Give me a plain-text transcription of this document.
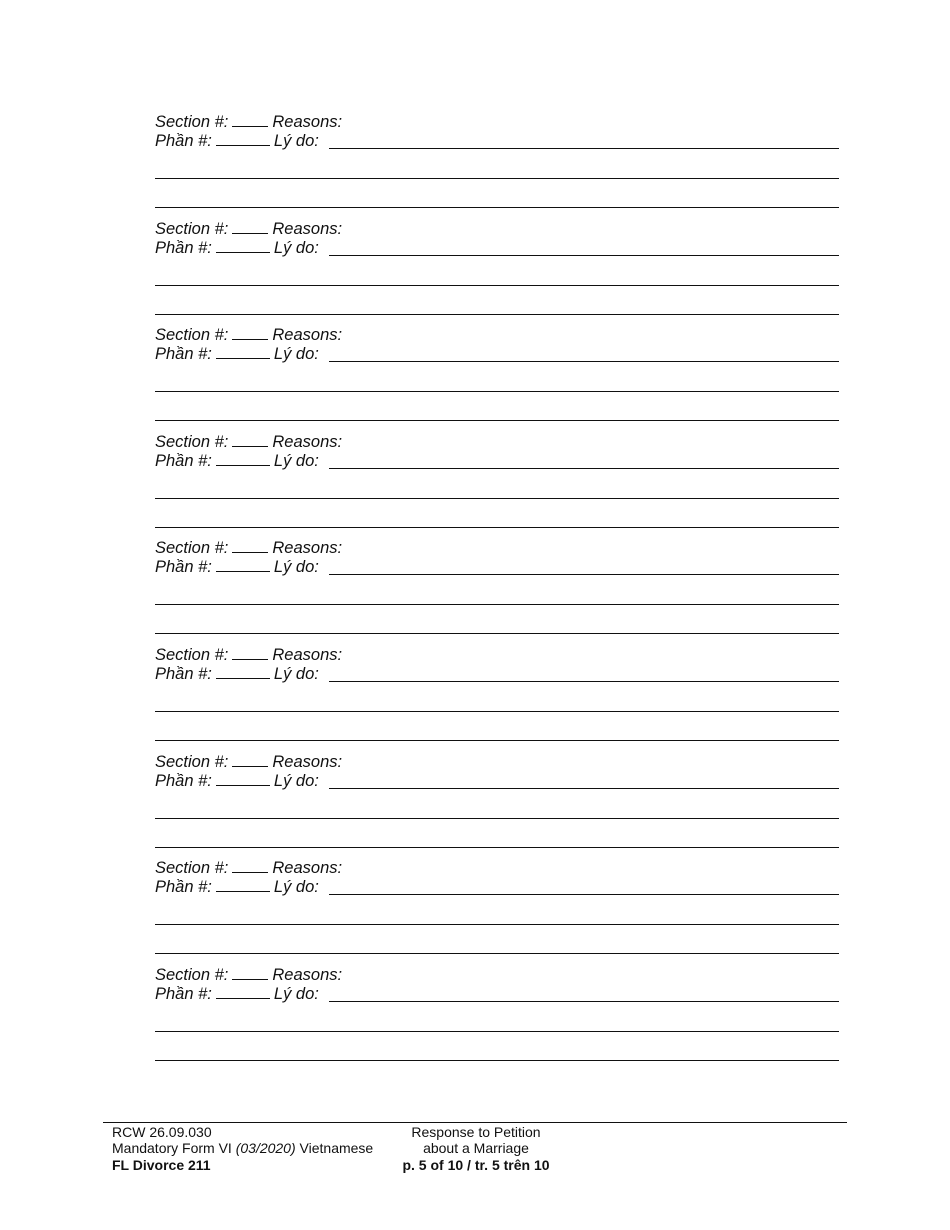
Section #:	Reasons:
Phần #:	Lý do:
Section #:	Reasons:
Phần #:	Lý do:
Section #:	Reasons:
Phần #:	Lý do:
Section #:	Reasons:
Phần #:	Lý do:
Section #:	Reasons:
Phần #:	Lý do:
Section #:	Reasons:
Phần #:	Lý do:
Section #:	Reasons:
Phần #:	Lý do:
Section #:	Reasons:
Phần #:	Lý do:
Section #:	Reasons:
Phần #:	Lý do:
RCW 26.09.030
Mandatory Form VI (03/2020) Vietnamese
FL Divorce 211
Response to Petition
about a Marriage
p. 5 of 10 / tr. 5 trên 10
